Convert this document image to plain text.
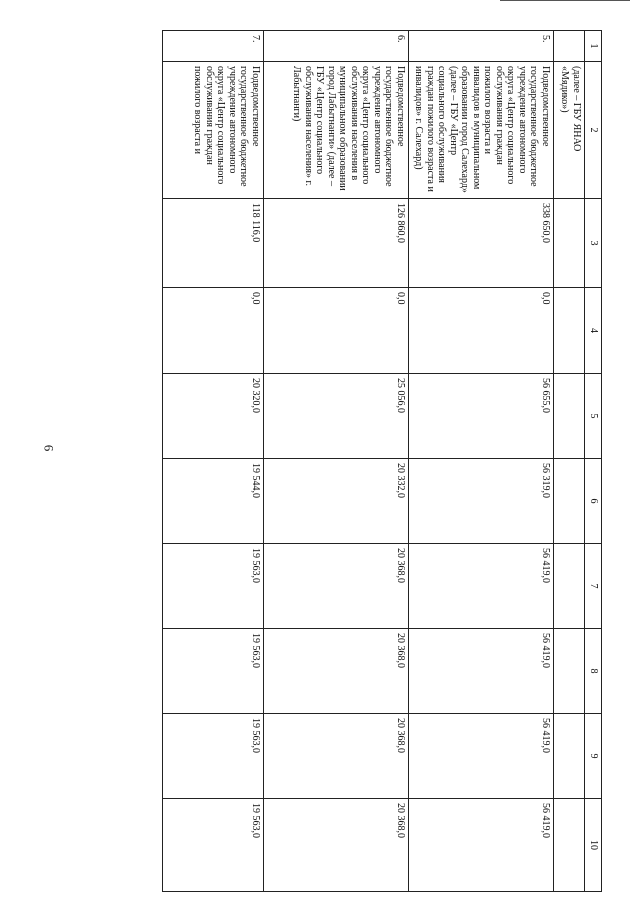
6
1	2	3	4	5	6	7	8	9	10
	(далее – ГБУ ЯНАО «Мядико»)								
5.	Подведомственное государственное бюджетное учреждение автономного округа «Центр социального обслуживания граждан пожилого возраста и инвалидов в муниципальном образовании город Салехард» (далее – ГБУ «Центр социального обслуживания граждан пожилого возраста и инвалидов» г. Салехард)	338 650,0	0,0	56 655,0	56 319,0	56 419,0	56 419,0	56 419,0	56 419,0
6.	Подведомственное государственное бюджетное учреждение автономного округа «Центр социального обслуживания населения в муниципальном образовании город Лабытнанги» (далее – ГБУ «Центр социального обслуживания населения» г. Лабытнанги)	126 860,0	0,0	25 056,0	20 332,0	20 368,0	20 368,0	20 368,0	20 368,0
7.	Подведомственное государственное бюджетное учреждение автономного округа «Центр социального обслуживания граждан пожилого возраста и	118 116,0	0,0	20 320,0	19 544,0	19 563,0	19 563,0	19 563,0	19 563,0
